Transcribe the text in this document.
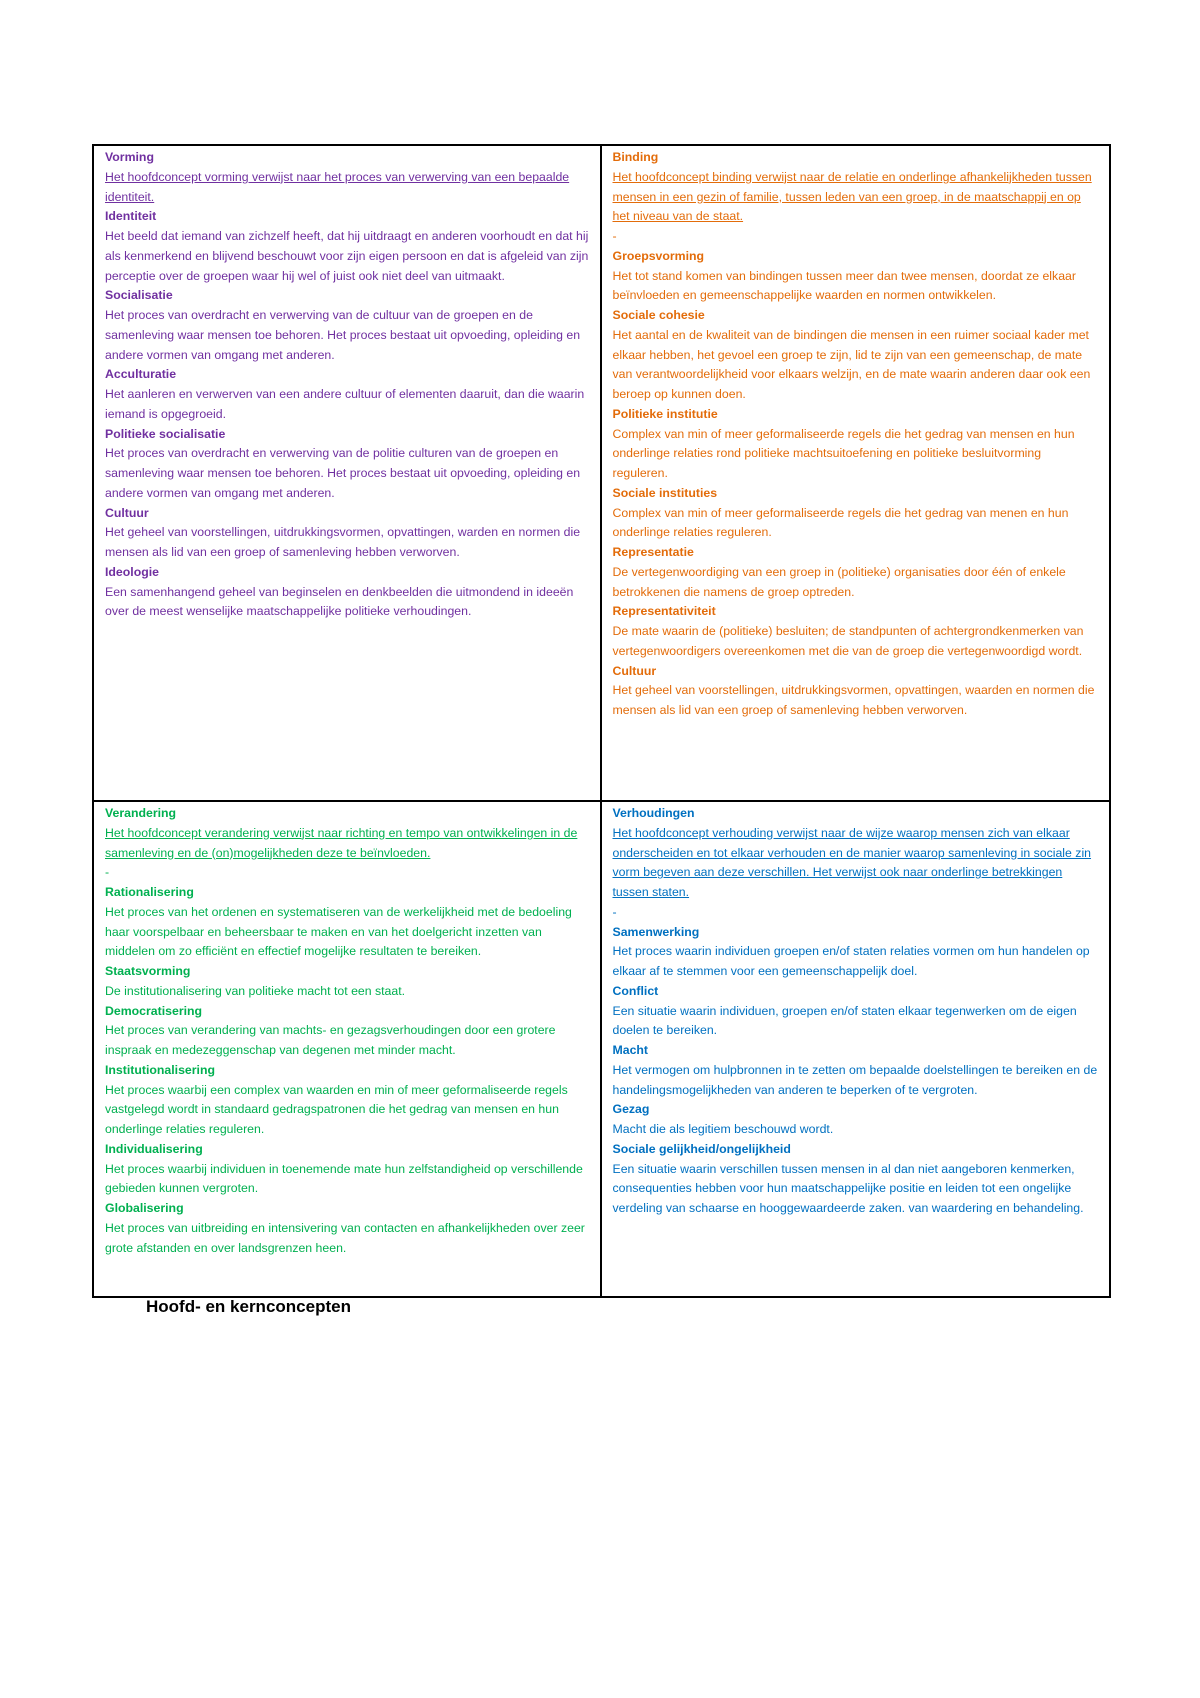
Vorming

Het hoofdconcept vorming verwijst naar het proces van verwerving van een bepaalde identiteit.

Identiteit

Het beeld dat iemand van zichzelf heeft, dat hij uitdraagt en anderen voorhoudt en dat hij als kenmerkend en blijvend beschouwt voor zijn eigen persoon en dat is afgeleid van zijn perceptie over de groepen waar hij wel of juist ook niet deel van uitmaakt.

Socialisatie

Het proces van overdracht en verwerving van de cultuur van de groepen en de samenleving waar mensen toe behoren. Het proces bestaat uit opvoeding, opleiding en andere vormen van omgang met anderen.

Acculturatie

Het aanleren en verwerven van een andere cultuur of elementen daaruit, dan die waarin iemand is opgegroeid.

Politieke socialisatie

Het proces van overdracht en verwerving van de politie culturen van de groepen en samenleving waar mensen toe behoren. Het proces bestaat uit opvoeding, opleiding en andere vormen van omgang met anderen.

Cultuur

Het geheel van voorstellingen, uitdrukkingsvormen, opvattingen, warden en normen die mensen als lid van een groep of samenleving hebben verworven.

Ideologie

Een samenhangend geheel van beginselen en denkbeelden die uitmondend in ideeën over de meest wenselijke maatschappelijke politieke verhoudingen.

Binding

Het hoofdconcept binding verwijst naar de relatie en onderlinge afhankelijkheden tussen mensen in een gezin of familie, tussen leden van een groep, in de maatschappij en op het niveau van de staat.

-

Groepsvorming

Het tot stand komen van bindingen tussen meer dan twee mensen, doordat ze elkaar beïnvloeden en gemeenschappelijke waarden en normen ontwikkelen.

Sociale cohesie

Het aantal en de kwaliteit van de bindingen die mensen in een ruimer sociaal kader met elkaar hebben, het gevoel een groep te zijn, lid te zijn van een gemeenschap, de mate van verantwoordelijkheid voor elkaars welzijn, en de mate waarin anderen daar ook een beroep op kunnen doen.

Politieke institutie

Complex van min of meer geformaliseerde regels die het gedrag van mensen en hun onderlinge relaties rond politieke machtsuitoefening en politieke besluitvorming reguleren.

Sociale instituties

Complex van min of meer geformaliseerde regels die het gedrag van menen en hun onderlinge relaties reguleren.

Representatie

De vertegenwoordiging van een groep in (politieke) organisaties door één of enkele betrokkenen die namens de groep optreden.

Representativiteit

De mate waarin de (politieke) besluiten; de standpunten of achtergrondkenmerken van vertegenwoordigers overeenkomen met die van de groep die vertegenwoordigd wordt.

Cultuur

Het geheel van voorstellingen, uitdrukkingsvormen, opvattingen, waarden en normen die mensen als lid van een groep of samenleving hebben verworven.

Verandering

Het hoofdconcept verandering verwijst naar richting en tempo van ontwikkelingen in de samenleving en de (on)mogelijkheden deze te beïnvloeden.

-

Rationalisering

Het proces van het ordenen en systematiseren van de werkelijkheid met de bedoeling haar voorspelbaar en beheersbaar te maken en van het doelgericht inzetten van middelen om zo efficiënt en effectief mogelijke resultaten te bereiken.

Staatsvorming

De institutionalisering van politieke macht tot een staat.

Democratisering

Het proces van verandering van machts- en gezagsverhoudingen door een grotere inspraak en medezeggenschap van degenen met minder macht.

Institutionalisering

Het proces waarbij een complex van waarden en min of meer geformaliseerde regels vastgelegd wordt in standaard gedragspatronen die het gedrag van mensen en hun onderlinge relaties reguleren.

Individualisering

Het proces waarbij individuen in toenemende mate hun zelfstandigheid op verschillende gebieden kunnen vergroten.

Globalisering

Het proces van uitbreiding en intensivering van contacten en afhankelijkheden over zeer grote afstanden en over landsgrenzen heen.

Verhoudingen

Het hoofdconcept verhouding verwijst naar de wijze waarop mensen zich van elkaar onderscheiden en tot elkaar verhouden en de manier waarop samenleving in sociale zin vorm begeven aan deze verschillen. Het verwijst ook naar onderlinge betrekkingen tussen staten.

-

Samenwerking

Het proces waarin individuen groepen en/of staten relaties vormen om hun handelen op elkaar af te stemmen voor een gemeenschappelijk doel.

Conflict

Een situatie waarin individuen, groepen en/of staten elkaar tegenwerken om de eigen doelen te bereiken.

Macht

Het vermogen om hulpbronnen in te zetten om bepaalde doelstellingen te bereiken en de handelingsmogelijkheden van anderen te beperken of te vergroten.

Gezag

Macht die als legitiem beschouwd wordt.

Sociale gelijkheid/ongelijkheid

Een situatie waarin verschillen tussen mensen in al dan niet aangeboren kenmerken, consequenties hebben voor hun maatschappelijke positie en leiden tot een ongelijke verdeling van schaarse en hooggewaardeerde zaken. van waardering en behandeling.

Hoofd- en kernconcepten
